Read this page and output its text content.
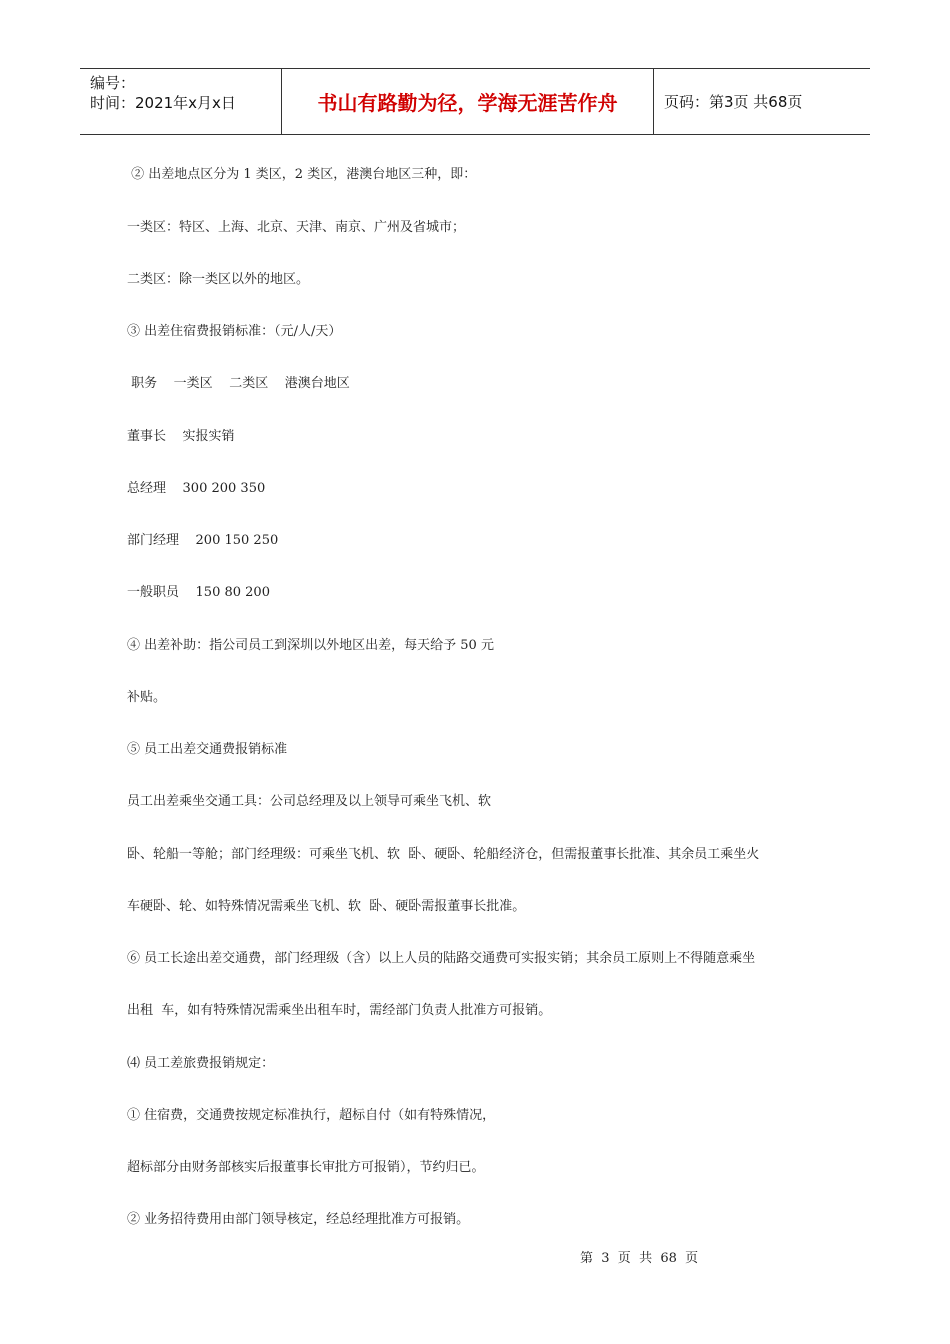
编号：
时间：2021年x月x日	书山有路勤为径，学海无涯苦作舟	页码：第3页 共68页
② 出差地点区分为 1 类区，2 类区，港澳台地区三种，即：
一类区：特区、上海、北京、天津、南京、广州及省城市；
二类区：除一类区以外的地区。
③ 出差住宿费报销标准：（元/人/天）
职务    一类区    二类区    港澳台地区
董事长    实报实销
总经理    300 200 350
部门经理    200 150 250
一般职员    150 80 200
④ 出差补助：指公司员工到深圳以外地区出差，每天给予 50 元
补贴。
⑤ 员工出差交通费报销标准
员工出差乘坐交通工具：公司总经理及以上领导可乘坐飞机、软
卧、轮船一等舱；部门经理级：可乘坐飞机、软  卧、硬卧、轮船经济仓，但需报董事长批准、其余员工乘坐火
车硬卧、轮、如特殊情况需乘坐飞机、软  卧、硬卧需报董事长批准。
⑥ 员工长途出差交通费，部门经理级（含）以上人员的陆路交通费可实报实销；其余员工原则上不得随意乘坐
出租  车，如有特殊情况需乘坐出租车时，需经部门负责人批准方可报销。
⑷ 员工差旅费报销规定：
① 住宿费，交通费按规定标准执行，超标自付（如有特殊情况，
超标部分由财务部核实后报董事长审批方可报销），节约归已。
② 业务招待费用由部门领导核定，经总经理批准方可报销。
第  3  页  共  68  页
